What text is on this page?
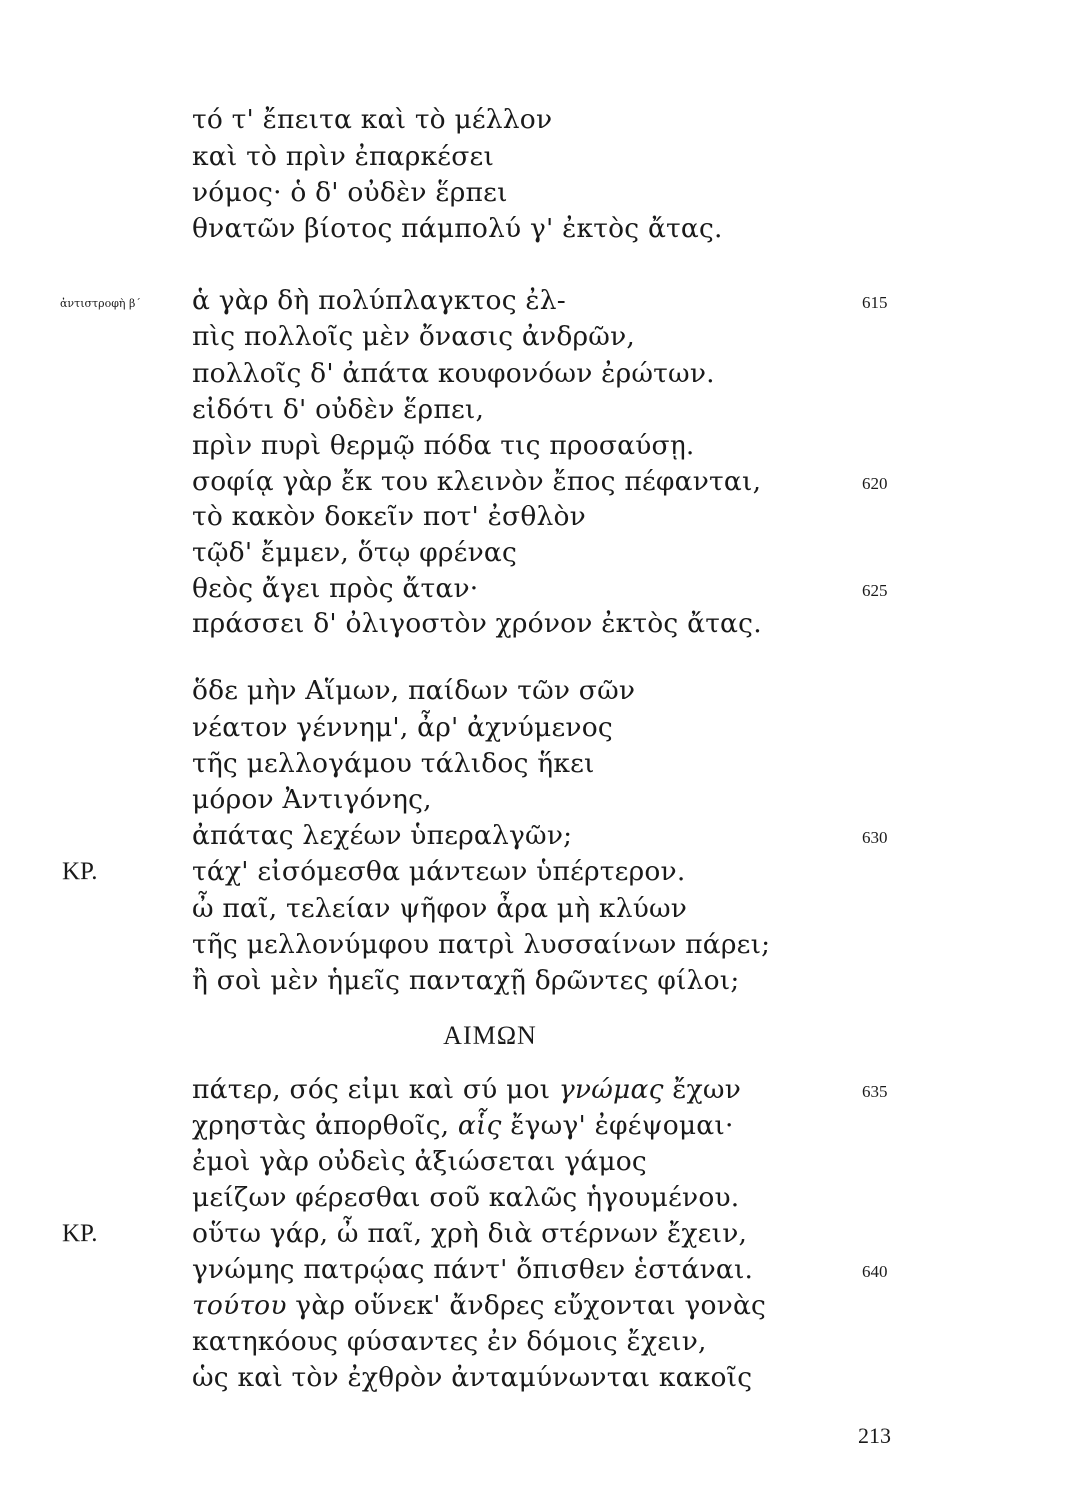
τό τ' ἔπειτα καὶ τὸ μέλλον
καὶ τὸ πρὶν ἐπαρκέσει
νόμος· ὁ δ' οὐδὲν ἕρπει
θνατῶν βίοτος πάμπολύ γ' ἐκτὸς ἄτας.
ἀντιστροφὴ β΄ ἁ γὰρ δὴ πολύπλαγκτος ἐλ-	615
πὶς πολλοῖς μὲν ὄνασις ἀνδρῶν,
πολλοῖς δ' ἀπάτα κουφονόων ἐρώτων.
εἰδότι δ' οὐδὲν ἕρπει,
πρὶν πυρὶ θερμῷ πόδα τις προσαύσῃ.
σοφίᾳ γὰρ ἔκ του κλεινὸν ἔπος πέφανται,	620
τὸ κακὸν δοκεῖν ποτ' ἐσθλὸν
τῷδ' ἔμμεν, ὅτῳ φρένας
θεὸς ἄγει πρὸς ἄταν·	625
πράσσει δ' ὀλιγοστὸν χρόνον ἐκτὸς ἄτας.
ὅδε μὴν Αἵμων, παίδων τῶν σῶν
νέατον γέννημ', ἆρ' ἀχνύμενος
τῆς μελλογάμου τάλιδος ἥκει
μόρον Ἀντιγόνης,
ἀπάτας λεχέων ὑπεραλγῶν;	630
ΚΡ.	τάχ' εἰσόμεσθα μάντεων ὑπέρτερον.
ὦ παῖ, τελείαν ψῆφον ἆρα μὴ κλύων
τῆς μελλονύμφου πατρὶ λυσσαίνων πάρει;
ἢ σοὶ μὲν ἡμεῖς πανταχῇ δρῶντες φίλοι;
ΑΙΜΩΝ
πάτερ, σός εἰμι καὶ σύ μοι γνώμας ἔχων	635
χρηστὰς ἀπορθοῖς, αἷς ἔγωγ' ἐφέψομαι·
ἐμοὶ γὰρ οὐδεὶς ἀξιώσεται γάμος
μείζων φέρεσθαι σοῦ καλῶς ἡγουμένου.
ΚΡ.	οὕτω γάρ, ὦ παῖ, χρὴ διὰ στέρνων ἔχειν,
γνώμης πατρῴας πάντ' ὄπισθεν ἑστάναι.	640
τούτου γὰρ οὕνεκ' ἄνδρες εὔχονται γονὰς
κατηκόους φύσαντες ἐν δόμοις ἔχειν,
ὡς καὶ τὸν ἐχθρὸν ἀνταμύνωνται κακοῖς
213
